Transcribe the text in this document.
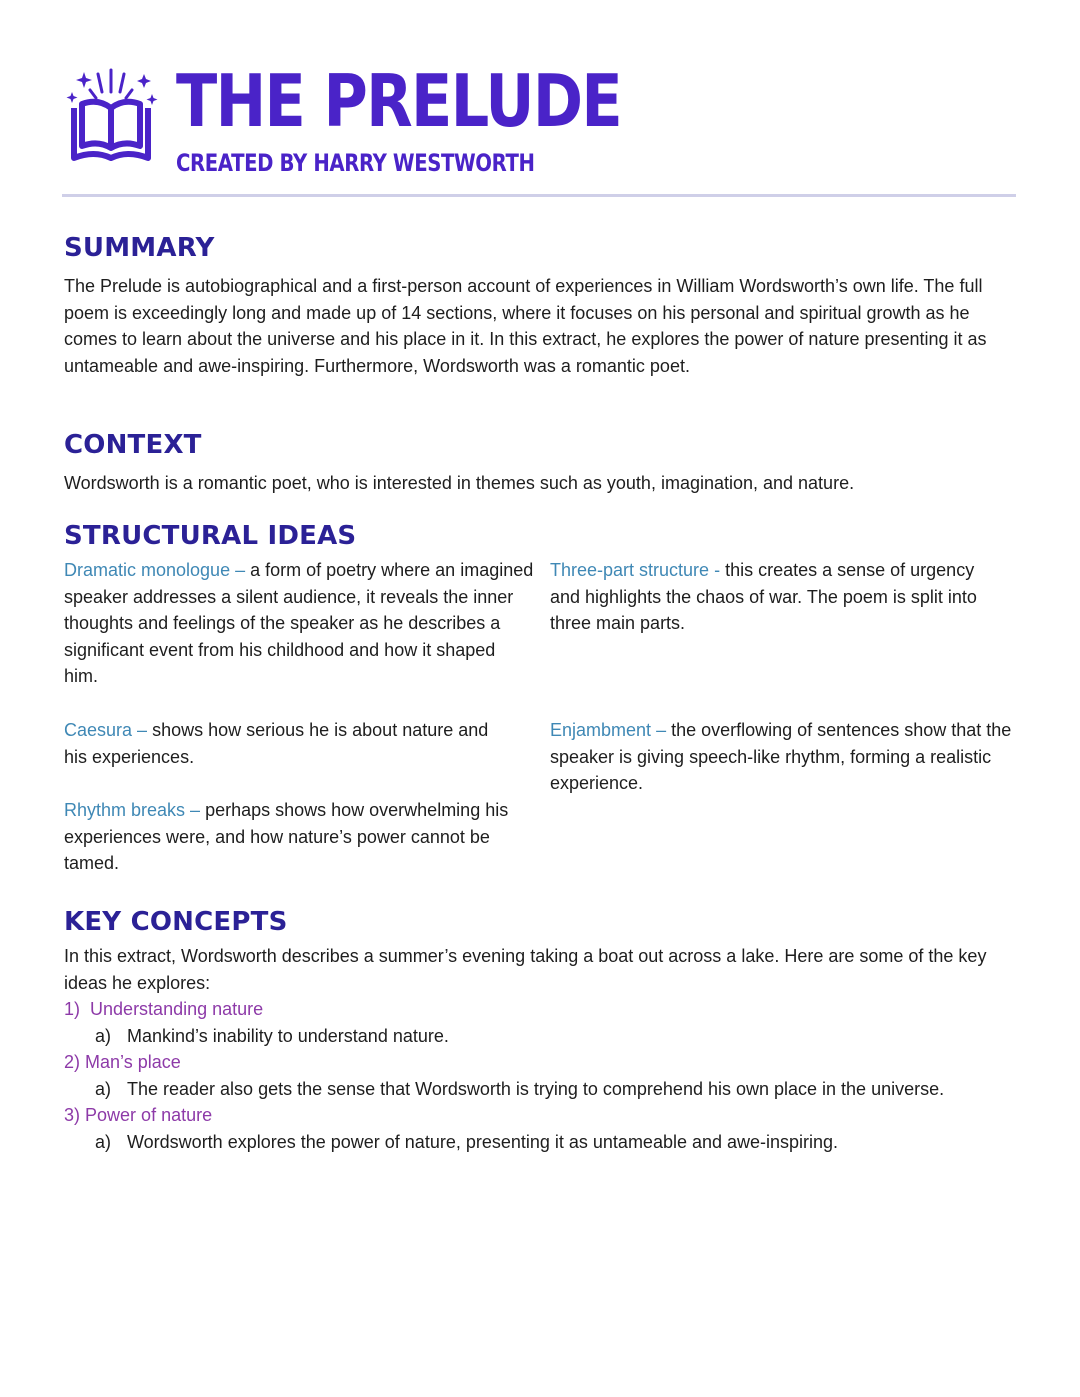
THE PRELUDE
CREATED BY HARRY WESTWORTH
SUMMARY

The Prelude is autobiographical and a first-person account of experiences in William Wordsworth’s own life. The full poem is exceedingly long and made up of 14 sections, where it focuses on his personal and spiritual growth as he comes to learn about the universe and his place in it. In this extract, he explores the power of nature presenting it as untameable and awe-inspiring. Furthermore, Wordsworth was a romantic poet.

CONTEXT

Wordsworth is a romantic poet, who is interested in themes such as youth, imagination, and nature.

STRUCTURAL IDEAS
Dramatic monologue – a form of poetry where an imagined speaker addresses a silent audience, it reveals the inner thoughts and feelings of the speaker as he describes a significant event from his childhood and how it shaped him.
Three-part structure - this creates a sense of urgency and highlights the chaos of war. The poem is split into three main parts.
Caesura – shows how serious he is about nature and his experiences.
Enjambment – the overflowing of sentences show that the speaker is giving speech-like rhythm, forming a realistic experience.
Rhythm breaks – perhaps shows how overwhelming his experiences were, and how nature’s power cannot be tamed.
KEY CONCEPTS

In this extract, Wordsworth describes a summer’s evening taking a boat out across a lake. Here are some of the key ideas he explores:

1) Understanding nature
a) Mankind’s inability to understand nature.
2) Man’s place
a) The reader also gets the sense that Wordsworth is trying to comprehend his own place in the universe.
3) Power of nature
a) Wordsworth explores the power of nature, presenting it as untameable and awe-inspiring.
